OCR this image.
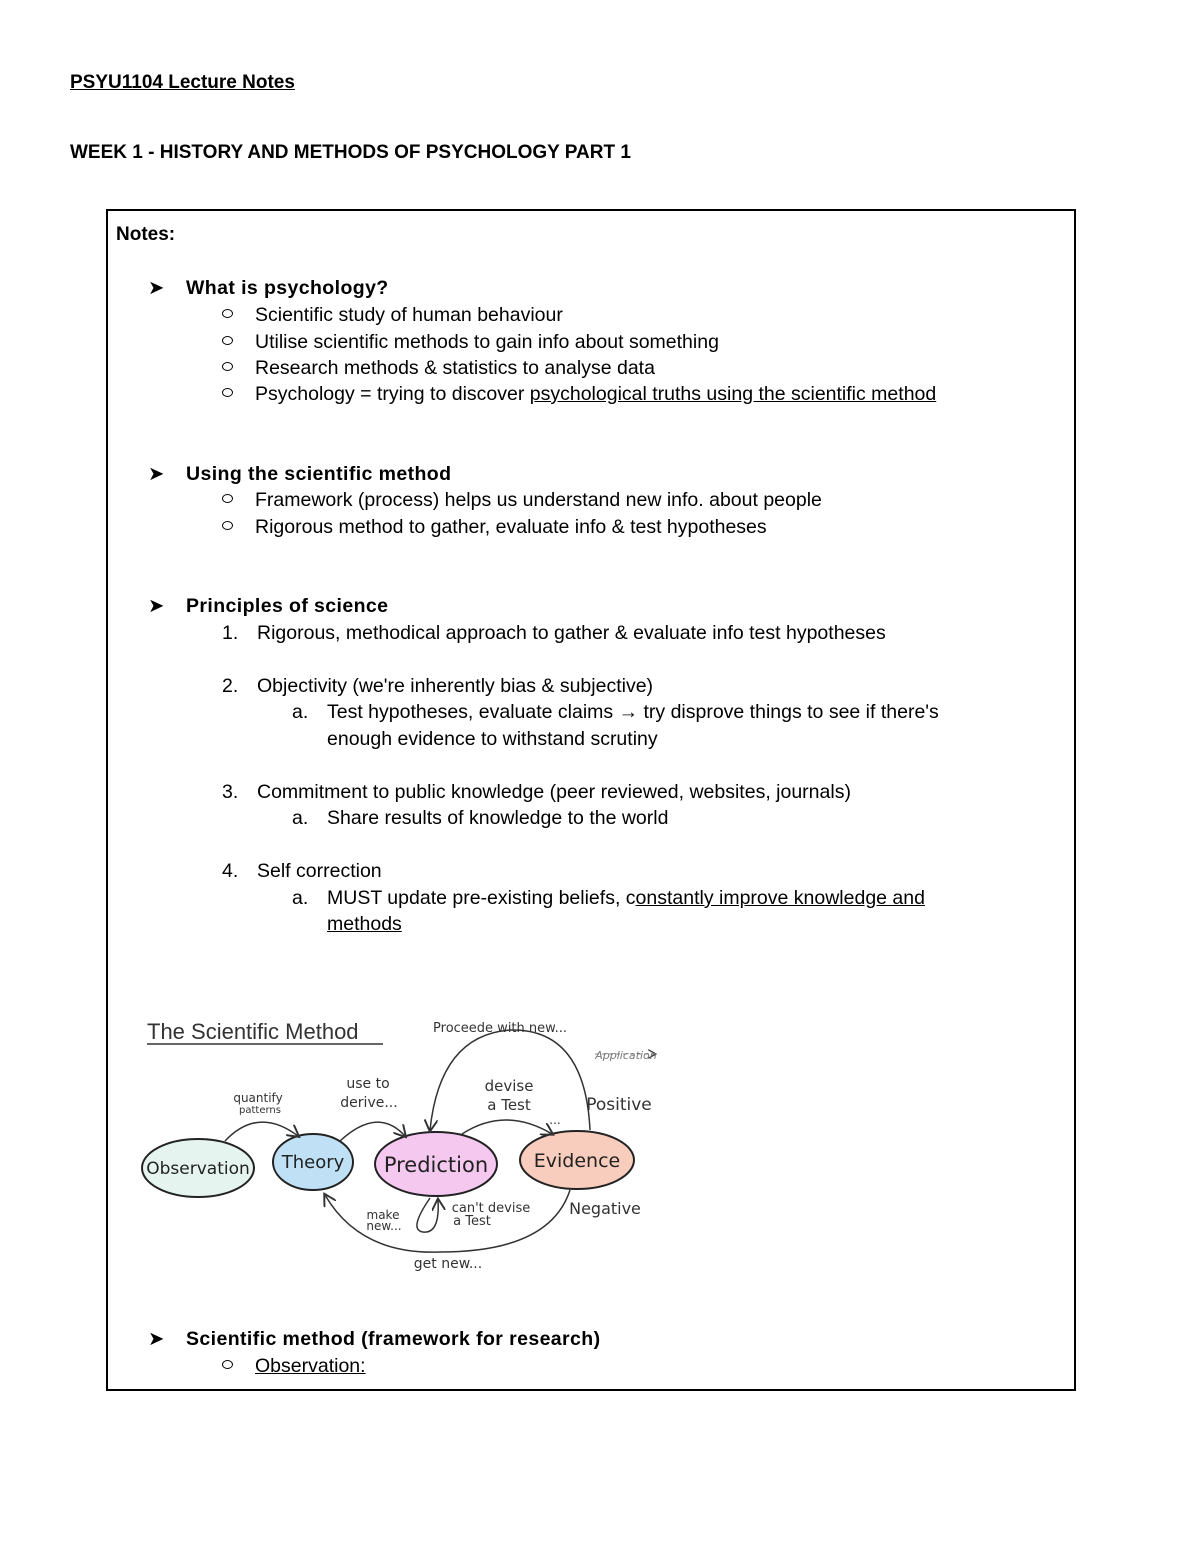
PSYU1104 Lecture Notes
WEEK 1 - HISTORY AND METHODS OF PSYCHOLOGY PART 1
Notes:
➤ What is psychology?
Scientific study of human behaviour
Utilise scientific methods to gain info about something
Research methods & statistics to analyse data
Psychology = trying to discover psychological truths using the scientific method
➤ Using the scientific method
Framework (process) helps us understand new info. about people
Rigorous method to gather, evaluate info & test hypotheses
➤ Principles of science
1. Rigorous, methodical approach to gather & evaluate info test hypotheses
2. Objectivity (we're inherently bias & subjective)
a. Test hypotheses, evaluate claims → try disprove things to see if there's
enough evidence to withstand scrutiny
3. Commitment to public knowledge (peer reviewed, websites, journals)
a. Share results of knowledge to the world
4. Self correction
a. MUST update pre-existing beliefs, constantly improve knowledge and
methods
The Scientific Method
Observation Theory Prediction Evidence
quantify
patterns
use to
derive...
devise
a Test
...
Proceede with new...
Application
Positive
Negative
make
new...
can't devise
a Test
get new...
➤ Scientific method (framework for research)
Observation:
